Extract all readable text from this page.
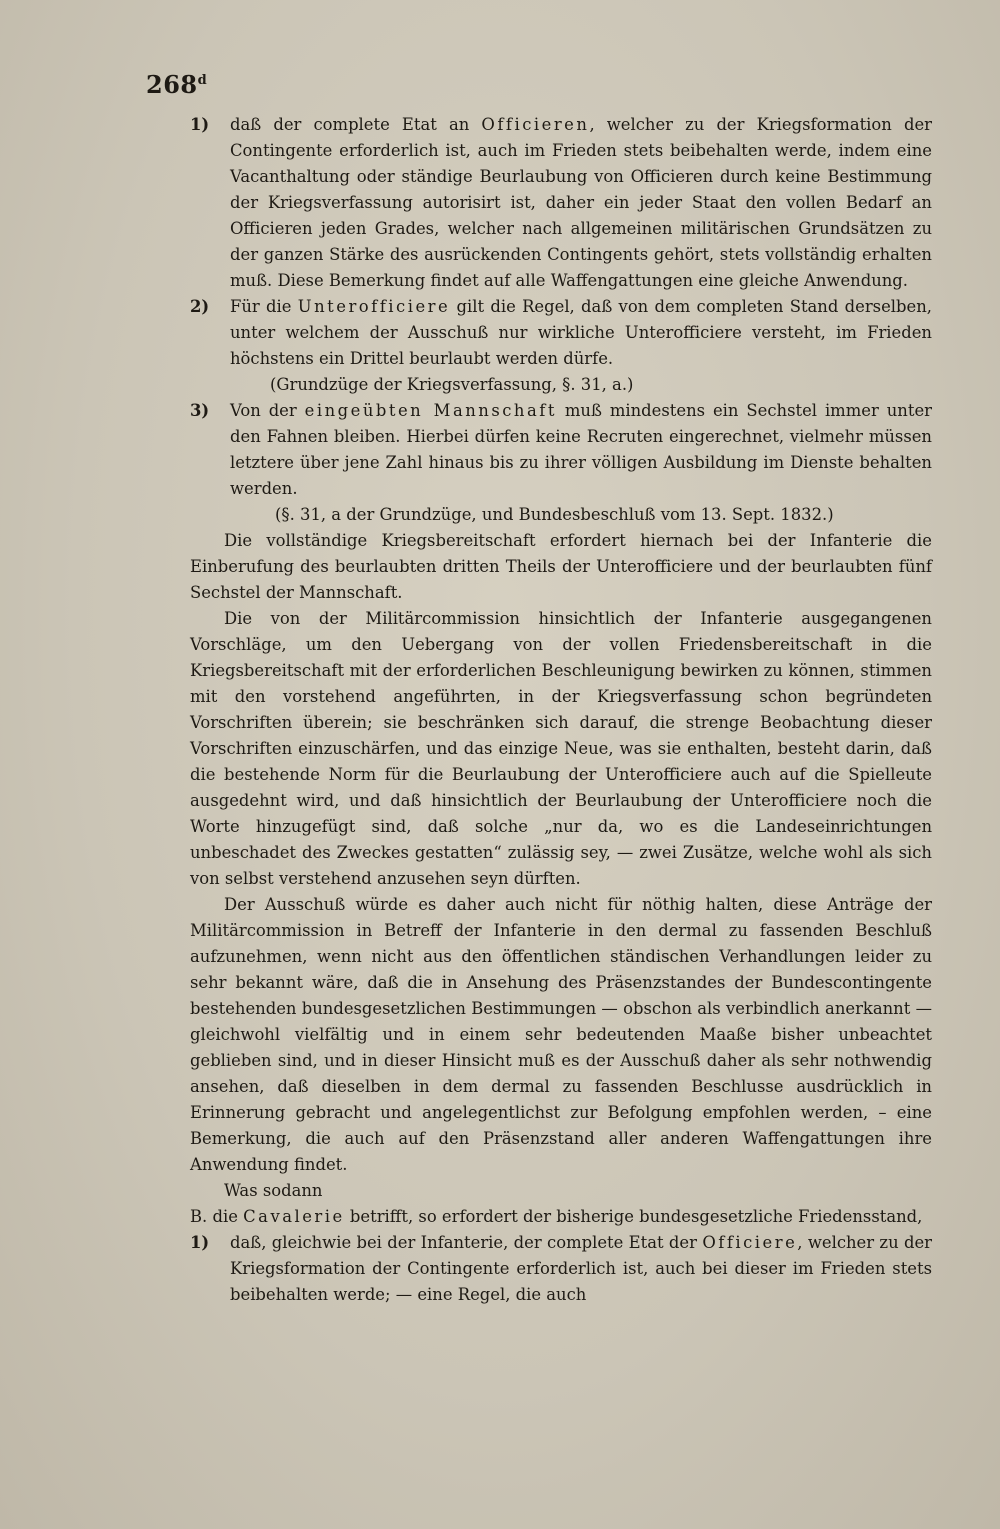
268$^d$
1)	daß der complete Etat an Officieren, welcher zu der Kriegsformation der Contingente erforderlich ist, auch im Frieden stets beibehalten werde, indem eine Vacanthaltung oder ständige Beurlaubung von Officieren durch keine Bestimmung der Kriegsverfassung autorisirt ist, daher ein jeder Staat den vollen Bedarf an Officieren jeden Grades, welcher nach allgemeinen militärischen Grundsätzen zu der ganzen Stärke des ausrückenden Contingents gehört, stets vollständig erhalten muß. Diese Bemerkung findet auf alle Waffengattungen eine gleiche Anwendung.
2)	Für die Unterofficiere gilt die Regel, daß von dem completen Stand derselben, unter welchem der Ausschuß nur wirkliche Unterofficiere versteht, im Frieden höchstens ein Drittel beurlaubt werden dürfe.

(Grundzüge der Kriegsverfassung, §. 31, a.)

3)	Von der eingeübten Mannschaft muß mindestens ein Sechstel immer unter den Fahnen bleiben. Hierbei dürfen keine Recruten eingerechnet, vielmehr müssen letztere über jene Zahl hinaus bis zu ihrer völligen Ausbildung im Dienste behalten werden.

(§. 31, a der Grundzüge, und Bundesbeschluß vom 13. Sept. 1832.)

Die vollständige Kriegsbereitschaft erfordert hiernach bei der Infanterie die Einberufung des beurlaubten dritten Theils der Unterofficiere und der beurlaubten fünf Sechstel der Mannschaft.

Die von der Militärcommission hinsichtlich der Infanterie ausgegangenen Vorschläge, um den Uebergang von der vollen Friedensbereitschaft in die Kriegsbereitschaft mit der erforderlichen Beschleunigung bewirken zu können, stimmen mit den vorstehend angeführten, in der Kriegsverfassung schon begründeten Vorschriften überein; sie beschränken sich darauf, die strenge Beobachtung dieser Vorschriften einzuschärfen, und das einzige Neue, was sie enthalten, besteht darin, daß die bestehende Norm für die Beurlaubung der Unterofficiere auch auf die Spielleute ausgedehnt wird, und daß hinsichtlich der Beurlaubung der Unterofficiere noch die Worte hinzugefügt sind, daß solche „nur da, wo es die Landeseinrichtungen unbeschadet des Zweckes gestatten“ zulässig sey, — zwei Zusätze, welche wohl als sich von selbst verstehend anzusehen seyn dürften.

Der Ausschuß würde es daher auch nicht für nöthig halten, diese Anträge der Militärcommission in Betreff der Infanterie in den dermal zu fassenden Beschluß aufzunehmen, wenn nicht aus den öffentlichen ständischen Verhandlungen leider zu sehr bekannt wäre, daß die in Ansehung des Präsenzstandes der Bundescontingente bestehenden bundesgesetzlichen Bestimmungen — obschon als verbindlich anerkannt — gleichwohl vielfältig und in einem sehr bedeutenden Maaße bisher unbeachtet geblieben sind, und in dieser Hinsicht muß es der Ausschuß daher als sehr nothwendig ansehen, daß dieselben in dem dermal zu fassenden Beschlusse ausdrücklich in Erinnerung gebracht und angelegentlichst zur Befolgung empfohlen werden, – eine Bemerkung, die auch auf den Präsenzstand aller anderen Waffengattungen ihre Anwendung findet.

Was sodann

B. die Cavalerie betrifft, so erfordert der bisherige bundesgesetzliche Friedensstand,

1)	daß, gleichwie bei der Infanterie, der complete Etat der Officiere, welcher zu der Kriegsformation der Contingente erforderlich ist, auch bei dieser im Frieden stets beibehalten werde; — eine Regel, die auch
